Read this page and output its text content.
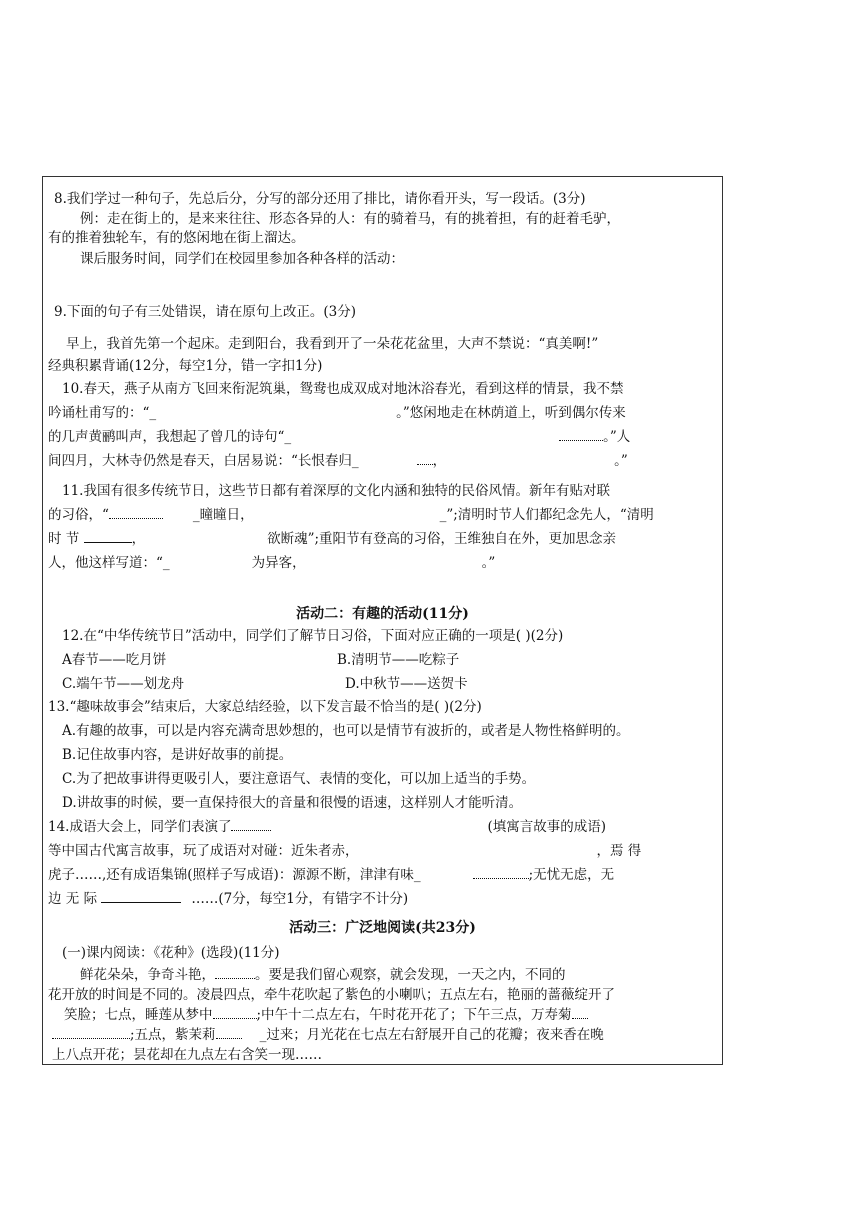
8.我们学过一种句子，先总后分，分写的部分还用了排比，请你看开头，写一段话。(3分)
例：走在街上的，是来来往往、形态各异的人：有的骑着马，有的挑着担，有的赶着毛驴，
有的推着独轮车，有的悠闲地在街上溜达。
课后服务时间，同学们在校园里参加各种各样的活动：
9.下面的句子有三处错误，请在原句上改正。(3分)
早上，我首先第一个起床。走到阳台，我看到开了一朵花花盆里，大声不禁说：“真美啊!”
经典积累背诵(12分，每空1分，错一字扣1分)
10.春天，燕子从南方飞回来衔泥筑巢，鸳鸯也成双成对地沐浴春光，看到这样的情景，我不禁
吟诵杜甫写的：“_	。”悠闲地走在林荫道上，听到偶尔传来
的几声黄鹂叫声，我想起了曾几的诗句“_	。”人
间四月，大林寺仍然是春天，白居易说：“长恨春归_	，	。”
11.我国有很多传统节日，这些节日都有着深厚的文化内涵和独特的民俗风情。新年有贴对联
的习俗，“	_曈曈日，	_”;清明时节人们都纪念先人，“清明
时 节	，	欲断魂”;重阳节有登高的习俗，王维独自在外，更加思念亲
人，他这样写道：“_	为异客，	。”
活动二：有趣的活动(11分)
12.在“中华传统节日”活动中，同学们了解节日习俗，下面对应正确的一项是( )(2分)
A春节——吃月饼	B.清明节——吃粽子
C.端午节——划龙舟	D.中秋节——送贺卡
13.“趣味故事会”结束后，大家总结经验，以下发言最不恰当的是( )(2分)
A.有趣的故事，可以是内容充满奇思妙想的，也可以是情节有波折的，或者是人物性格鲜明的。
B.记住故事内容，是讲好故事的前提。
C.为了把故事讲得更吸引人，要注意语气、表情的变化，可以加上适当的手势。
D.讲故事的时候，要一直保持很大的音量和很慢的语速，这样别人才能听清。
14.成语大会上，同学们表演了	(填寓言故事的成语)
等中国古代寓言故事，玩了成语对对碰：近朱者赤，	，焉 得
虎子……,还有成语集锦(照样子写成语)：源源不断，津津有味_	;无忧无虑，无
边 无 际	……(7分，每空1分，有错字不计分)
活动三：广泛地阅读(共23分)
(一)课内阅读：《花种》(选段)(11分)
鲜花朵朵，争奇斗艳，	。要是我们留心观察，就会发现，一天之内，不同的
花开放的时间是不同的。凌晨四点，牵牛花吹起了紫色的小喇叭；五点左右，艳丽的蔷薇绽开了
笑脸；七点，睡莲从梦中	;中午十二点左右，午时花开花了；下午三点，万寿菊
;五点，紫茉莉	_过来；月光花在七点左右舒展开自己的花瓣；夜来香在晚
上八点开花；昙花却在九点左右含笑一现……
